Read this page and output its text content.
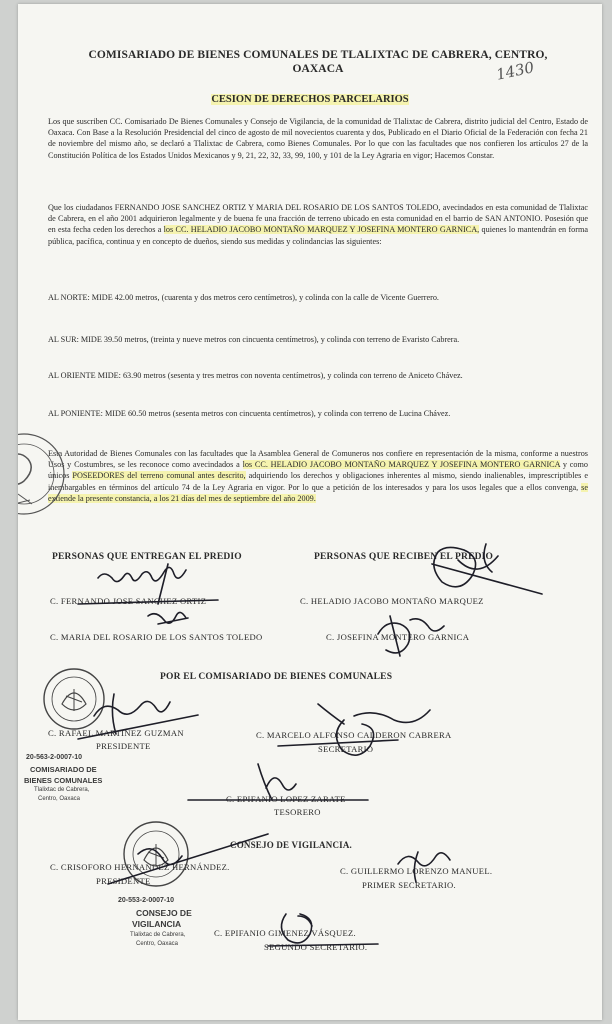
COMISARIADO DE BIENES COMUNALES DE TLALIXTAC DE CABRERA, CENTRO,
OAXACA	1430
CESION DE DERECHOS PARCELARIOS
Los que suscriben CC. Comisariado De Bienes Comunales y Consejo de Vigilancia, de la comunidad de Tlalixtac de Cabrera, distrito judicial del Centro, Estado de Oaxaca. Con Base a la Resolución Presidencial del cinco de agosto de mil novecientos cuarenta y dos, Publicado en el Diario Oficial de la Federación con fecha 21 de noviembre del mismo año, se declaró a Tlalixtac de Cabrera, como Bienes Comunales. Por lo que con las facultades que nos confieren los artículos 27 de la Constitución Política de los Estados Unidos Mexicanos y 9, 21, 22, 32, 33, 99, 100, y 101 de la Ley Agraria en vigor; Hacemos Constar.
Que los ciudadanos FERNANDO JOSE SANCHEZ ORTIZ Y MARIA DEL ROSARIO DE LOS SANTOS TOLEDO, avecindados en esta comunidad de Tlalixtac de Cabrera, en el año 2001 adquirieron legalmente y de buena fe una fracción de terreno ubicado en esta comunidad en el barrio de SAN ANTONIO. Posesión que en esta fecha ceden los derechos a los CC. HELADIO JACOBO MONTAÑO MARQUEZ Y JOSEFINA MONTERO GARNICA, quienes lo mantendrán en forma pública, pacífica, continua y en concepto de dueños, siendo sus medidas y colindancias las siguientes:
AL NORTE: MIDE 42.00 metros, (cuarenta y dos metros cero centímetros), y colinda con la calle de Vicente Guerrero.
AL SUR: MIDE 39.50 metros, (treinta y nueve metros con cincuenta centímetros), y colinda con terreno de Evaristo Cabrera.
AL ORIENTE MIDE: 63.90 metros (sesenta y tres metros con noventa centímetros), y colinda con terreno de Aniceto Chávez.
AL PONIENTE: MIDE 60.50 metros (sesenta metros con cincuenta centímetros), y colinda con terreno de Lucina Chávez.
Esta Autoridad de Bienes Comunales con las facultades que la Asamblea General de Comuneros nos confiere en representación de la misma, conforme a nuestros Usos y Costumbres, se les reconoce como avecindados a los CC. HELADIO JACOBO MONTAÑO MARQUEZ Y JOSEFINA MONTERO GARNICA y como únicos POSEEDORES del terreno comunal antes descrito, adquiriendo los derechos y obligaciones inherentes al mismo, siendo inalienables, imprescriptibles e inembargables en términos del artículo 74 de la Ley Agraria en vigor. Por lo que a petición de los interesados y para los usos legales que a ellos convenga, se extiende la presente constancia, a los 21 días del mes de septiembre del año 2009.
PERSONAS QUE ENTREGAN EL PREDIO	PERSONAS QUE RECIBEN EL PREDIO
C. FERNANDO JOSE SANCHEZ ORTIZ
C. MARIA DEL ROSARIO DE LOS SANTOS TOLEDO
C. HELADIO JACOBO MONTAÑO MARQUEZ
C. JOSEFINA MONTERO GARNICA
POR EL COMISARIADO DE BIENES COMUNALES
C. RAFAEL MARTINEZ GUZMAN
PRESIDENTE
C. MARCELO ALFONSO CALDERON CABRERA
SECRETARIO
C. EPIFANIO LOPEZ ZARATE
TESORERO
CONSEJO DE VIGILANCIA.
C. CRISOFORO HERNANDEZ HERNÁNDEZ.
PRESIDENTE
C. GUILLERMO LORENZO MANUEL.
PRIMER SECRETARIO.
C. EPIFANIO GIMENEZ VÁSQUEZ.
SEGUNDO SECRETARIO.
20-563-2-0007-10
COMISARIADO DE
BIENES COMUNALES
Tlalixtac de Cabrera,
Centro, Oaxaca
20-553-2-0007-10
CONSEJO DE
VIGILANCIA
Tlalixtac de Cabrera,
Centro, Oaxaca
